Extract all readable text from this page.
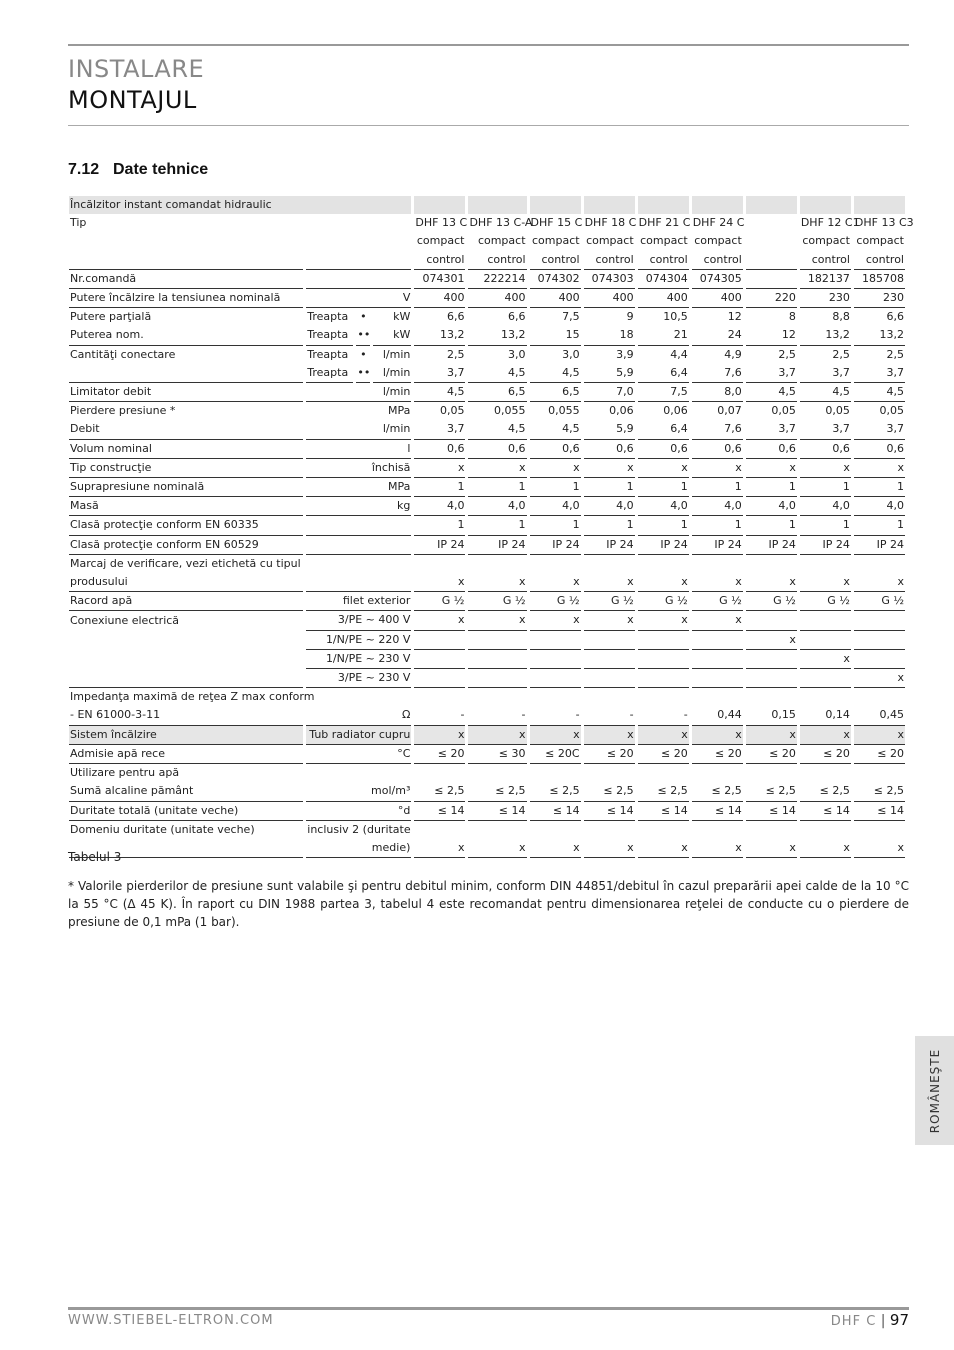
INSTALARE
MONTAJUL
7.12 Date tehnice
Încălzitor instant comandat hidraulic												
Tip				DHF 13 C	DHF 13 C-A	DHF 15 C	DHF 18 C	DHF 21 C	DHF 24 C		DHF 12 C1	DHF 13 C3
				compact	compact	compact	compact	compact	compact		compact	compact
				control	control	control	control	control	control		control	control
Nr.comandă				074301	222214	074302	074303	074304	074305		182137	185708
Putere încălzire la tensiunea nominală	V			400	400	400	400	400	400	220	230	230
Putere parţială	Treapta	•	kW	6,6	6,6	7,5	9	10,5	12	8	8,8	6,6
Puterea nom.	Treapta	••	kW	13,2	13,2	15	18	21	24	12	13,2	13,2
Cantităţi conectare	Treapta	•	l/min	2,5	3,0	3,0	3,9	4,4	4,9	2,5	2,5	2,5
	Treapta	••	l/min	3,7	4,5	4,5	5,9	6,4	7,6	3,7	3,7	3,7
Limitator debit	l/min			4,5	6,5	6,5	7,0	7,5	8,0	4,5	4,5	4,5
Pierdere presiune *	MPa			0,05	0,055	0,055	0,06	0,06	0,07	0,05	0,05	0,05
Debit	l/min			3,7	4,5	4,5	5,9	6,4	7,6	3,7	3,7	3,7
Volum nominal	l			0,6	0,6	0,6	0,6	0,6	0,6	0,6	0,6	0,6
Tip construcţie	închisă			x	x	x	x	x	x	x	x	x
Suprapresiune nominală	MPa			1	1	1	1	1	1	1	1	1
Masă	kg			4,0	4,0	4,0	4,0	4,0	4,0	4,0	4,0	4,0
Clasă protecţie conform EN 60335				1	1	1	1	1	1	1	1	1
Clasă protecţie conform EN 60529				IP 24	IP 24	IP 24	IP 24	IP 24	IP 24	IP 24	IP 24	IP 24
Marcaj de verificare, vezi etichetă cu tipul												
produsului				x	x	x	x	x	x	x	x	x
Racord apă	filet exterior			G ½	G ½	G ½	G ½	G ½	G ½	G ½	G ½	G ½
Conexiune electrică	3/PE ~ 400 V			x	x	x	x	x	x			
	1/N/PE ~ 220 V									x		
	1/N/PE ~ 230 V										x	
	3/PE ~ 230 V											x
Impedanţa maximă de reţea Z max conform												
- EN 61000-3-11	Ω			-	-	-	-	-	0,44	0,15	0,14	0,45
Sistem încălzire	Tub radiator cupru			x	x	x	x	x	x	x	x	x
Admisie apă rece	°C			≤ 20	≤ 30	≤ 20C	≤ 20	≤ 20	≤ 20	≤ 20	≤ 20	≤ 20
Utilizare pentru apă												
Sumă alcaline pământ	mol/m³			≤ 2,5	≤ 2,5	≤ 2,5	≤ 2,5	≤ 2,5	≤ 2,5	≤ 2,5	≤ 2,5	≤ 2,5
Duritate totală (unitate veche)	°d			≤ 14	≤ 14	≤ 14	≤ 14	≤ 14	≤ 14	≤ 14	≤ 14	≤ 14
Domeniu duritate (unitate veche)	inclusiv 2 (duritate											
	medie)			x	x	x	x	x	x	x	x	x
Tabelul 3
* Valorile pierderilor de presiune sunt valabile şi pentru debitul minim, conform DIN 44851/debitul în cazul preparării apei calde de la 10 °C la 55 °C (Δ 45 K). În raport cu DIN 1988 partea 3, tabelul 4 este recomandat pentru dimensionarea reţelei de conducte cu o pierdere de presiune de 0,1 mPa (1 bar).
ROMÂNEŞTE
WWW.STIEBEL-ELTRON.COM	DHF C | 97
